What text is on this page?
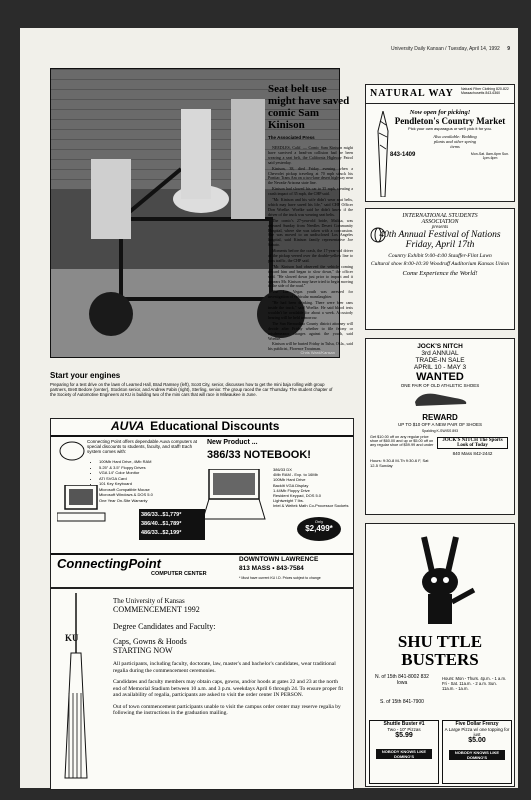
University Daily Kansan / Tuesday, April 14, 1992 9
Chris Ward/Kansan
Start your engines
Preparing for a test drive on the lawn of Learned Hall, Brad Ramsey (left), Scott City, senior, discusses how to get the mini baja rolling with group partners, Brett Bedore (center), Stockton senior, and Andrew Fabin (right), Sterling, senior. The group raced the car Thursday. The student chapter of the Society of Automotive Engineers at KU is building two of the mini cars that will race in Milwaukee in June.
Seat belt use might have saved comic Sam Kinison
The Associated Press

NEEDLES, Calif. — Comic Sam Kinison might have survived a head-on collision had he been wearing a seat belt, the California Highway Patrol said yesterday.

Kinison, 38, died Friday evening when a Chevrolet pickup traveling at 70 mph struck his Pontiac Trans Am on a two-lane desert highway near the Nevada-Arizona state line.

Kinison had slowed his car to 35 mph, creating a crash impact of 35 mph, the CHP said.

"Mr. Kinison and his wife didn't wear seat belts, which may have saved his life," said CHP Officer Don Woelke. Woelke said he didn't know if the driver of the truck was wearing seat belts.

The comic's 27-year-old bride, Malika, was released Sunday from Needles Desert Community Hospital, where she was taken with a concussion. She was moved to an undisclosed Los Angeles hospital, said Kinison family representative Joe Sabato.

Moments before the crash, the 17-year-old driver of the pickup veered over the double-yellow line to pass traffic, the CHP said.

"Mr. Kinison had observed the vehicle coming toward him and began to slow down," the officer said. "He slowed down just prior to impact and it appears Mr. Kinison may have tried to begin moving to the side of the road."

The Las Vegas youth was arrested for investigation of vehicular manslaughter.

"He had been drinking. There were beer cans inside the truck," said Woelke. He said blood tests wouldn't be available for about a week. A custody hearing will be held tomorrow.

The San Bernardino County district attorney will decide after Friday whether to file felony or misdemeanor charges against the youth, said Woelke.

Kinison will be buried Friday in Tulsa, Okla., said his publicist, Florence Troutman.

NATURAL WAY Natural Fiber Clothing 820-822 Massachusetts 843-6360
Now open for picking!
Pendleton's Country Market
Pick your own asparagus or we'll pick it for you.
Also available: Bedding plants and other spring items
843-1409	Mon-Sat. 8am-6pm Sun. 1pm-6pm
INTERNATIONAL STUDENTS ASSOCIATION
presents
40th Annual Festival of Nations Friday, April 17th
Country Exhibit 9:00-4:00 Stauffer-Flint Lawn
Cultural show 8:00-10:30 Woodruff Auditorium Kansas Union
Come Experience the World!
JOCK'S NITCH
3rd ANNUAL
TRADE-IN SALE
APRIL 10 - MAY 3
WANTED
ONE PAIR OF OLD ATHLETIC SHOES
REWARD
UP TO $10 OFF A NEW PAIR OF SHOES
Spalding K-SWISS 893
Get $10.00 off on any regular price shoe of $60.00 and up or $5.00 off on any regular shoe of $59.99 and under
JOCK'S NITCH The Sports Look of Today
840 Mass 842-2442
Hours: 9:30-8 M-Th 9:30-6 F, Sat 12-5 Sunday
SHU TTLE
BUSTERS
N. of 15th 841-8002 832 Iowa
S. of 15th 841-7900
Hours: Mon - Thurs. 4p.m. - 1 a.m. Fri - Sat. 11a.m. - 2 a.m. Sun. 11a.m. - 1a.m.
Shuttle Buster #1
Two - 10" Pizzas
$5.99
NOBODY KNOWS LIKE DOMINO'S
Five Dollar Frenzy
A Large Pizza w/ one topping for just
$5.00
NOBODY KNOWS LIKE DOMINO'S
AUVA Educational Discounts
Connecting Point offers dependable Auva computers at special discounts to students, faculty, and staff! Each system comes with:
• 100Mb Hard Drive, 4Mb RAM
• 5.25" & 3.5" Floppy Drives
• VGA 14" Color Monitor
• ATI SVGA Card
• 101 Key Keyboard
• Microsoft Compatible Mouse
• Microsoft Windows & DOS 5.0
• One Year On-Site Warranty
386/33...$1,779*
386/40...$1,789*
486/33...$2,199*
New Product ...
386/33 NOTEBOOK!
386/33 DX
4Mb RAM - Exp. to 16Mb
100Mb Hard Drive
Backlit VGA Display
1.44Mb Floppy Drive
Resident Keypad, DOS 5.0
Lightweight 7 lbs.
Intel & Weitek Math Co-Processor Sockets
Only
$2,499*
ConnectingPoint
COMPUTER CENTER
DOWNTOWN LAWRENCE
813 MASS • 843-7584
* Must have current KU I.D. Prices subject to change
KU
The University of Kansas
COMMENCEMENT 1992
Degree Candidates and Faculty:
Caps, Gowns & Hoods
STARTING NOW
All participants, including faculty, doctorate, law, master's and bachelor's candidates, wear traditional regalia during the commencement ceremonies.
Candidates and faculty members may obtain caps, gowns, and/or hoods at gates 22 and 23 at the north end of Memorial Stadium between 10 a.m. and 3 p.m. weekdays April 6 through 24. To ensure proper fit and availability of regalia, participants are asked to visit the order center IN PERSON.
Out of town commencement participants unable to visit the campus order center may reserve regalia by following the instructions in the graduation mailing.
